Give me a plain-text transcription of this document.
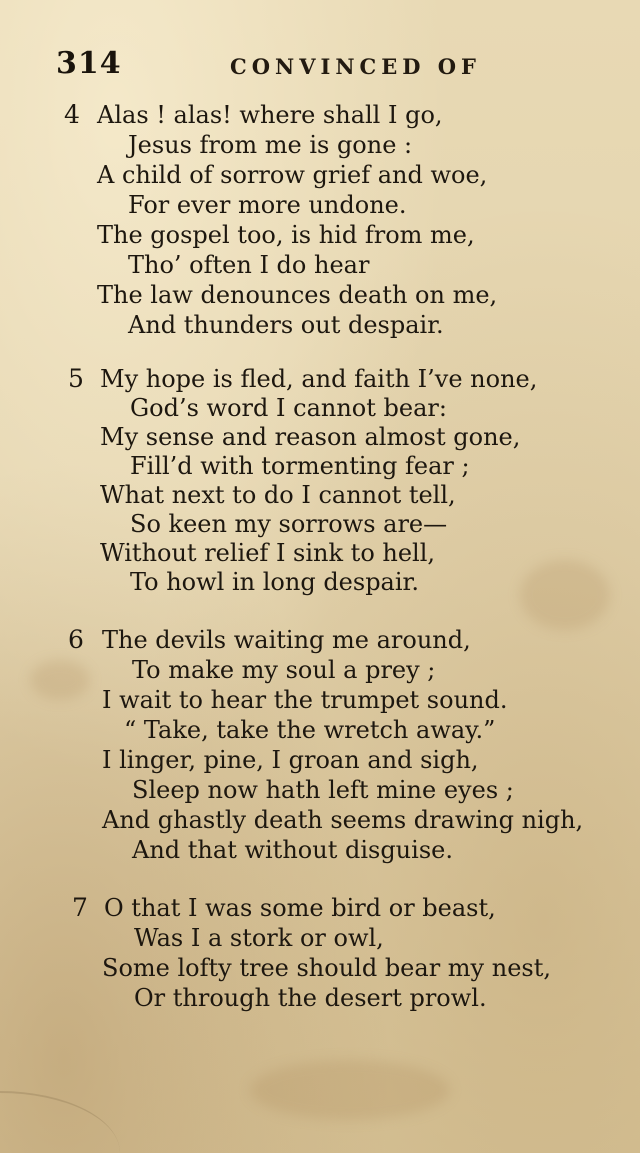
314	CONVINCED OF
4 Alas ! alas! where shall I go,
Jesus from me is gone :
A child of sorrow grief and woe,
For ever more undone.
The gospel too, is hid from me,
Tho’ often I do hear
The law denounces death on me,
And thunders out despair.
5 My hope is fled, and faith I’ve none,
God’s word I cannot bear:
My sense and reason almost gone,
Fill’d with tormenting fear ;
What next to do I cannot tell,
So keen my sorrows are—
Without relief I sink to hell,
To howl in long despair.
6 The devils waiting me around,
To make my soul a prey ;
I wait to hear the trumpet sound.
“ Take, take the wretch away.”
I linger, pine, I groan and sigh,
Sleep now hath left mine eyes ;
And ghastly death seems drawing nigh,
And that without disguise.
7 O that I was some bird or beast,
Was I a stork or owl,
Some lofty tree should bear my nest,
Or through the desert prowl.
